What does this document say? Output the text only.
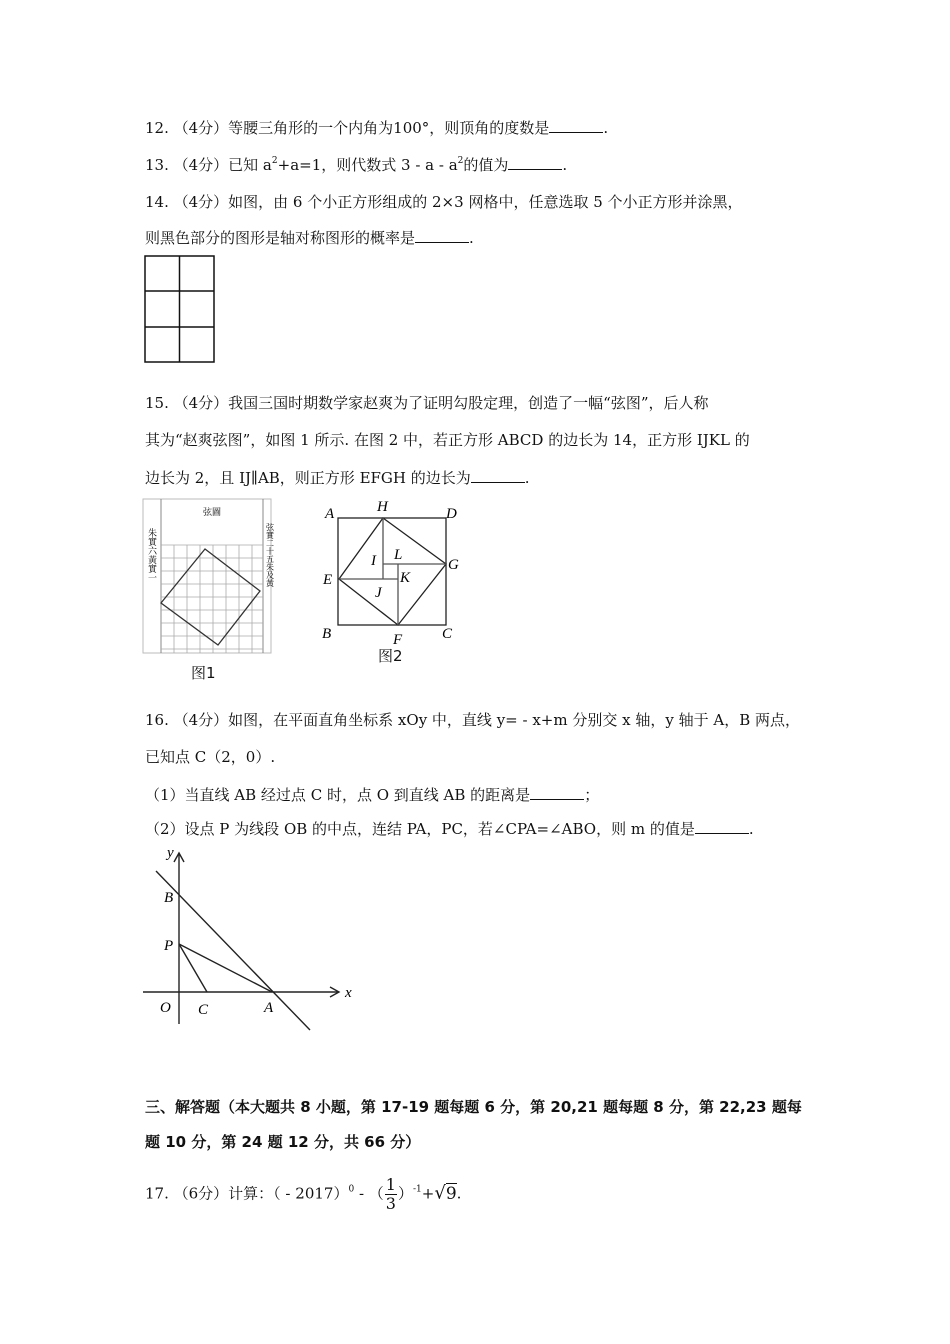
12. （4分）等腰三角形的一个内角为100°，则顶角的度数是	.
13. （4分）已知 $a^2+a=1$，则代数式 3 - a - $a^2$的值为	.
14. （4分）如图，由 6 个小正方形组成的 2×3 网格中，任意选取 5 个小正方形并涂黑，
则黑色部分的图形是轴对称图形的概率是	.
15. （4分）我国三国时期数学家赵爽为了证明勾股定理，创造了一幅“弦图”，后人称
其为“赵爽弦图”，如图 1 所示. 在图 2 中，若正方形 ABCD 的边长为 14，正方形 IJKL 的
边长为 2，且 IJ∥AB，则正方形 EFGH 的边长为	.
弦圖
朱實六黃實一	弦實二十五朱及黃
图1
A	H	D
G
E
I L
K
J
B	F	C
图2
16. （4分）如图，在平面直角坐标系 xOy 中，直线 y= - x+m 分别交 x 轴，y 轴于 A，B 两点，
已知点 C（2，0）.
（1）当直线 AB 经过点 C 时，点 O 到直线 AB 的距离是	；
（2）设点 P 为线段 OB 的中点，连结 PA，PC，若∠CPA=∠ABO，则 m 的值是	.
y
x
B
P
O C	A
三、解答题（本大题共 8 小题，第 17-19 题每题 6 分，第 20,21 题每题 8 分，第 22,23 题每
题 10 分，第 24 题 12 分，共 66 分）
17. （6分）计算：（ - 2017）$^0$ - （ $\frac{1}{3} )^{-1}+√9$.
